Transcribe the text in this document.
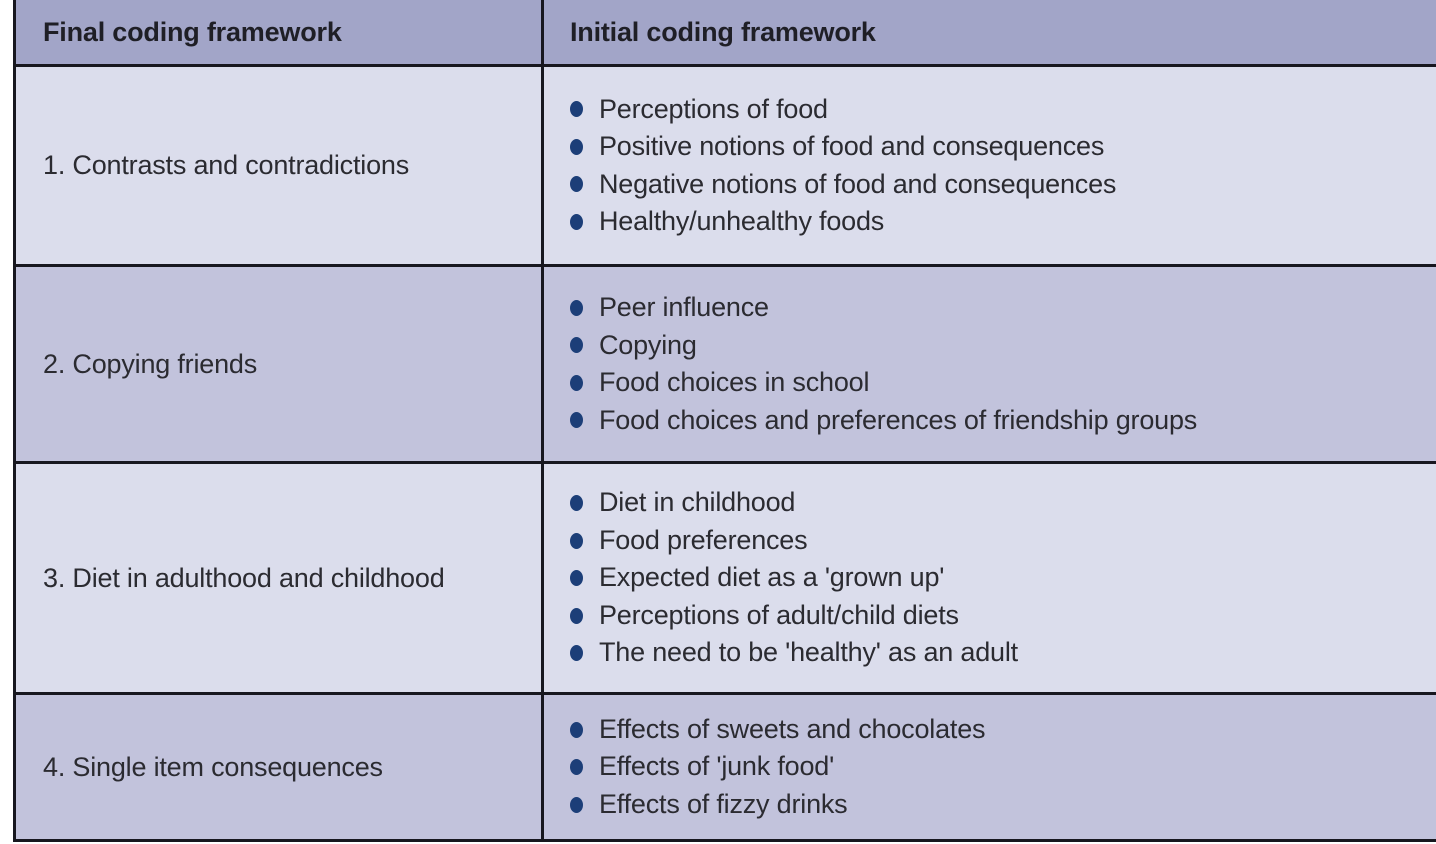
Final coding framework	Initial coding framework
1. Contrasts and contradictions
Perceptions of food
Positive notions of food and consequences
Negative notions of food and consequences
Healthy/unhealthy foods
2. Copying friends
Peer influence
Copying
Food choices in school
Food choices and preferences of friendship groups
3. Diet in adulthood and childhood
Diet in childhood
Food preferences
Expected diet as a 'grown up'
Perceptions of adult/child diets
The need to be 'healthy' as an adult
4. Single item consequences
Effects of sweets and chocolates
Effects of 'junk food'
Effects of fizzy drinks
